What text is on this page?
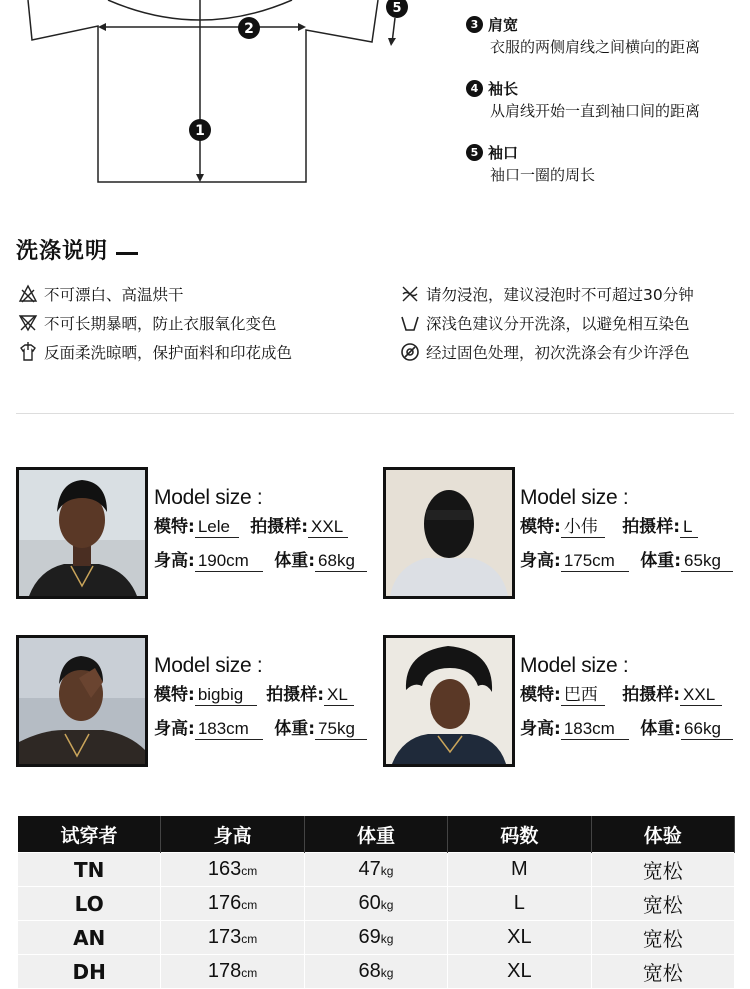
1
2
5
3 肩宽
衣服的两侧肩线之间横向的距离
4 袖长
从肩线开始一直到袖口间的距离
5 袖口
袖口一圈的周长
洗涤说明
不可漂白、高温烘干
不可长期暴晒，防止衣服氧化变色
反面柔洗晾晒，保护面料和印花成色
请勿浸泡，建议浸泡时不可超过30分钟
深浅色建议分开洗涤，以避免相互染色
经过固色处理，初次洗涤会有少许浮色
Model size :
模特: Lele 拍摄样: XXL
身高: 190cm 体重: 68kg
Model size :
模特: 小伟 拍摄样: L
身高: 175cm 体重: 65kg
Model size :
模特: bigbig 拍摄样: XL
身高: 183cm 体重: 75kg
Model size :
模特: 巴西 拍摄样: XXL
身高: 183cm 体重: 66kg
试穿者	身高	体重	码数	体验
TN	163cm	47kg	M	宽松
LO	176cm	60kg	L	宽松
AN	173cm	69kg	XL	宽松
DH	178cm	68kg	XL	宽松
